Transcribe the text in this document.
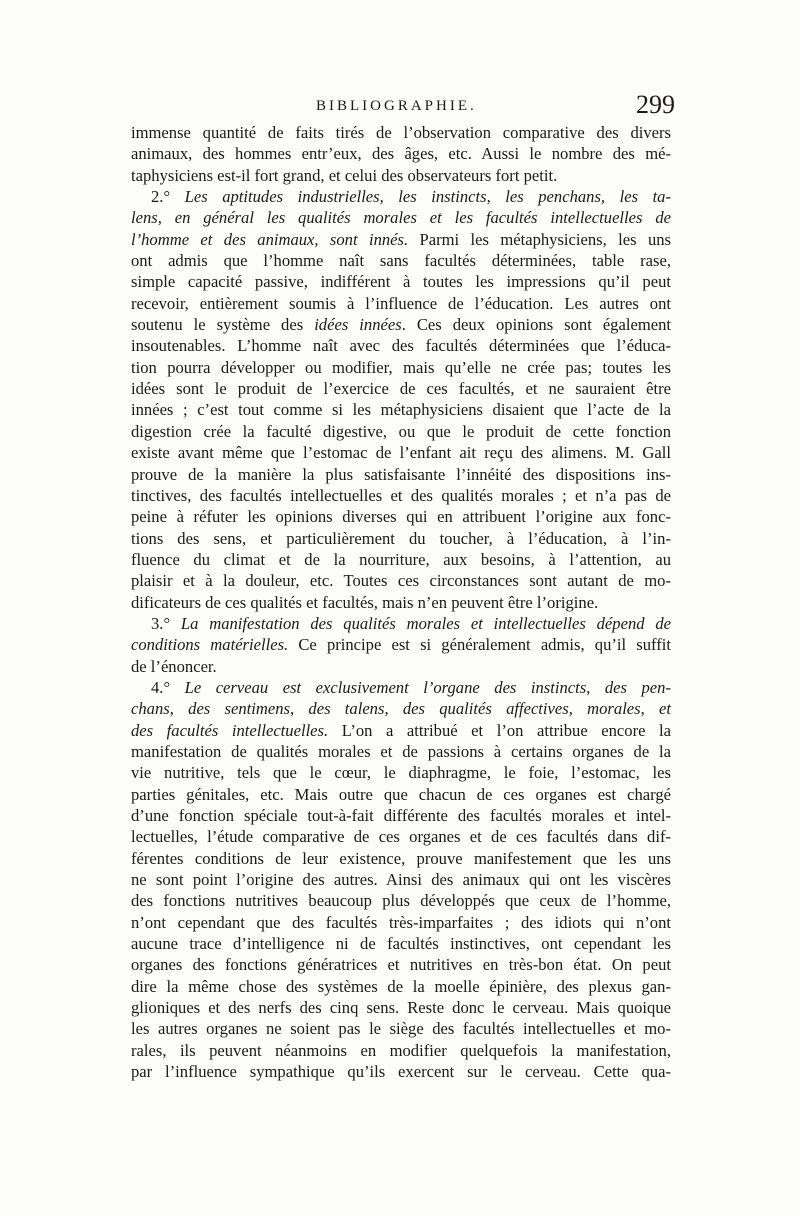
BIBLIOGRAPHIE.	299
immense quantité de faits tirés de l’observation comparative des divers
animaux, des hommes entr’eux, des âges, etc. Aussi le nombre des mé-
taphysiciens est-il fort grand, et celui des observateurs fort petit.
2.° Les aptitudes industrielles, les instincts, les penchans, les ta-
lens, en général les qualités morales et les facultés intellectuelles de
l’homme et des animaux, sont innés. Parmi les métaphysiciens, les uns
ont admis que l’homme naît sans facultés déterminées, table rase,
simple capacité passive, indifférent à toutes les impressions qu’il peut
recevoir, entièrement soumis à l’influence de l’éducation. Les autres ont
soutenu le système des idées innées. Ces deux opinions sont également
insoutenables. L’homme naît avec des facultés déterminées que l’éduca-
tion pourra développer ou modifier, mais qu’elle ne crée pas; toutes les
idées sont le produit de l’exercice de ces facultés, et ne sauraient être
innées ; c’est tout comme si les métaphysiciens disaient que l’acte de la
digestion crée la faculté digestive, ou que le produit de cette fonction
existe avant même que l’estomac de l’enfant ait reçu des alimens. M. Gall
prouve de la manière la plus satisfaisante l’innéité des dispositions ins-
tinctives, des facultés intellectuelles et des qualités morales ; et n’a pas de
peine à réfuter les opinions diverses qui en attribuent l’origine aux fonc-
tions des sens, et particulièrement du toucher, à l’éducation, à l’in-
fluence du climat et de la nourriture, aux besoins, à l’attention, au
plaisir et à la douleur, etc. Toutes ces circonstances sont autant de mo-
dificateurs de ces qualités et facultés, mais n’en peuvent être l’origine.
3.° La manifestation des qualités morales et intellectuelles dépend de
conditions matérielles. Ce principe est si généralement admis, qu’il suffit
de l’énoncer.
4.° Le cerveau est exclusivement l’organe des instincts, des pen-
chans, des sentimens, des talens, des qualités affectives, morales, et
des facultés intellectuelles. L’on a attribué et l’on attribue encore la
manifestation de qualités morales et de passions à certains organes de la
vie nutritive, tels que le cœur, le diaphragme, le foie, l’estomac, les
parties génitales, etc. Mais outre que chacun de ces organes est chargé
d’une fonction spéciale tout-à-fait différente des facultés morales et intel-
lectuelles, l’étude comparative de ces organes et de ces facultés dans dif-
férentes conditions de leur existence, prouve manifestement que les uns
ne sont point l’origine des autres. Ainsi des animaux qui ont les viscères
des fonctions nutritives beaucoup plus développés que ceux de l’homme,
n’ont cependant que des facultés très-imparfaites ; des idiots qui n’ont
aucune trace d’intelligence ni de facultés instinctives, ont cependant les
organes des fonctions génératrices et nutritives en très-bon état. On peut
dire la même chose des systèmes de la moelle épinière, des plexus gan-
glioniques et des nerfs des cinq sens. Reste donc le cerveau. Mais quoique
les autres organes ne soient pas le siège des facultés intellectuelles et mo-
rales, ils peuvent néanmoins en modifier quelquefois la manifestation,
par l’influence sympathique qu’ils exercent sur le cerveau. Cette qua-
